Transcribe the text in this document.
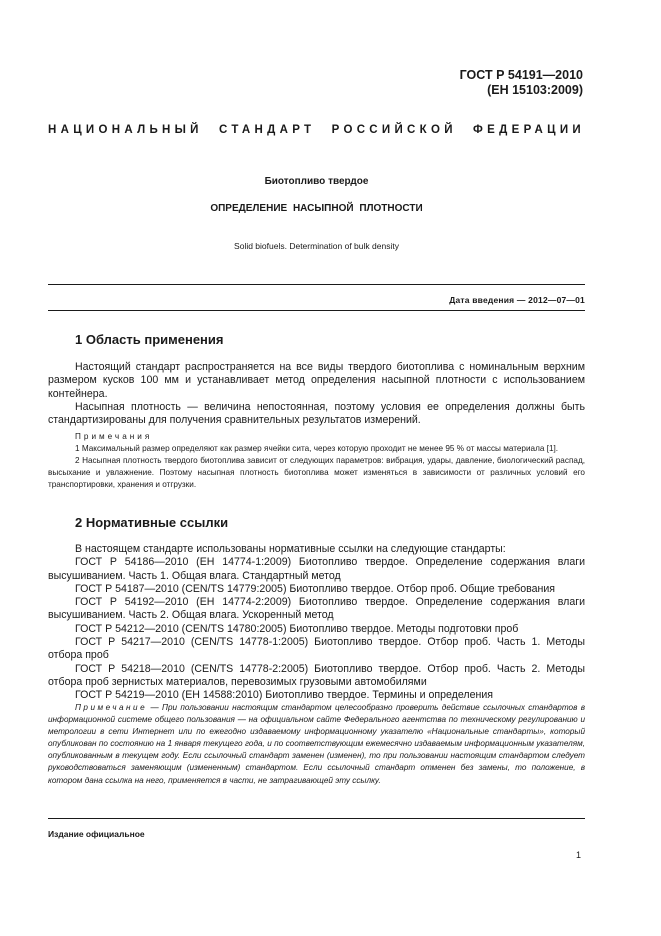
ГОСТ Р 54191—2010
(ЕН 15103:2009)
НАЦИОНАЛЬНЫЙ СТАНДАРТ РОССИЙСКОЙ ФЕДЕРАЦИИ
Биотопливо твердое
ОПРЕДЕЛЕНИЕ НАСЫПНОЙ ПЛОТНОСТИ
Solid biofuels. Determination of bulk density
Дата введения — 2012—07—01
1 Область применения

Настоящий стандарт распространяется на все виды твердого биотоплива с номинальным верхним размером кусков 100 мм и устанавливает метод определения насыпной плотности с использованием контейнера.

Насыпная плотность — величина непостоянная, поэтому условия ее определения должны быть стандартизированы для получения сравнительных результатов измерений.

Примечания

1 Максимальный размер определяют как размер ячейки сита, через которую проходит не менее 95 % от массы материала [1].

2 Насыпная плотность твердого биотоплива зависит от следующих параметров: вибрация, удары, давление, биологический распад, высыхание и увлажнение. Поэтому насыпная плотность биотоплива может изменяться в зависимости от различных условий его транспортировки, хранения и отгрузки.

2 Нормативные ссылки

В настоящем стандарте использованы нормативные ссылки на следующие стандарты:

ГОСТ Р 54186—2010 (ЕН 14774-1:2009) Биотопливо твердое. Определение содержания влаги высушиванием. Часть 1. Общая влага. Стандартный метод

ГОСТ Р 54187—2010 (CEN/TS 14779:2005) Биотопливо твердое. Отбор проб. Общие требования

ГОСТ Р 54192—2010 (ЕН 14774-2:2009) Биотопливо твердое. Определение содержания влаги высушиванием. Часть 2. Общая влага. Ускоренный метод

ГОСТ Р 54212—2010 (CEN/TS 14780:2005) Биотопливо твердое. Методы подготовки проб

ГОСТ Р 54217—2010 (CEN/TS 14778-1:2005) Биотопливо твердое. Отбор проб. Часть 1. Методы отбора проб

ГОСТ Р 54218—2010 (CEN/TS 14778-2:2005) Биотопливо твердое. Отбор проб. Часть 2. Методы отбора проб зернистых материалов, перевозимых грузовыми автомобилями

ГОСТ Р 54219—2010 (ЕН 14588:2010) Биотопливо твердое. Термины и определения

Примечание — При пользовании настоящим стандартом целесообразно проверить действие ссылочных стандартов в информационной системе общего пользования — на официальном сайте Федерального агентства по техническому регулированию и метрологии в сети Интернет или по ежегодно издаваемому информационному указателю «Национальные стандарты», который опубликован по состоянию на 1 января текущего года, и по соответствующим ежемесячно издаваемым информационным указателям, опубликованным в текущем году. Если ссылочный стандарт заменен (изменен), то при пользовании настоящим стандартом следует руководствоваться заменяющим (измененным) стандартом. Если ссылочный стандарт отменен без замены, то положение, в котором дана ссылка на него, применяется в части, не затрагивающей эту ссылку.

Издание официальное
1
